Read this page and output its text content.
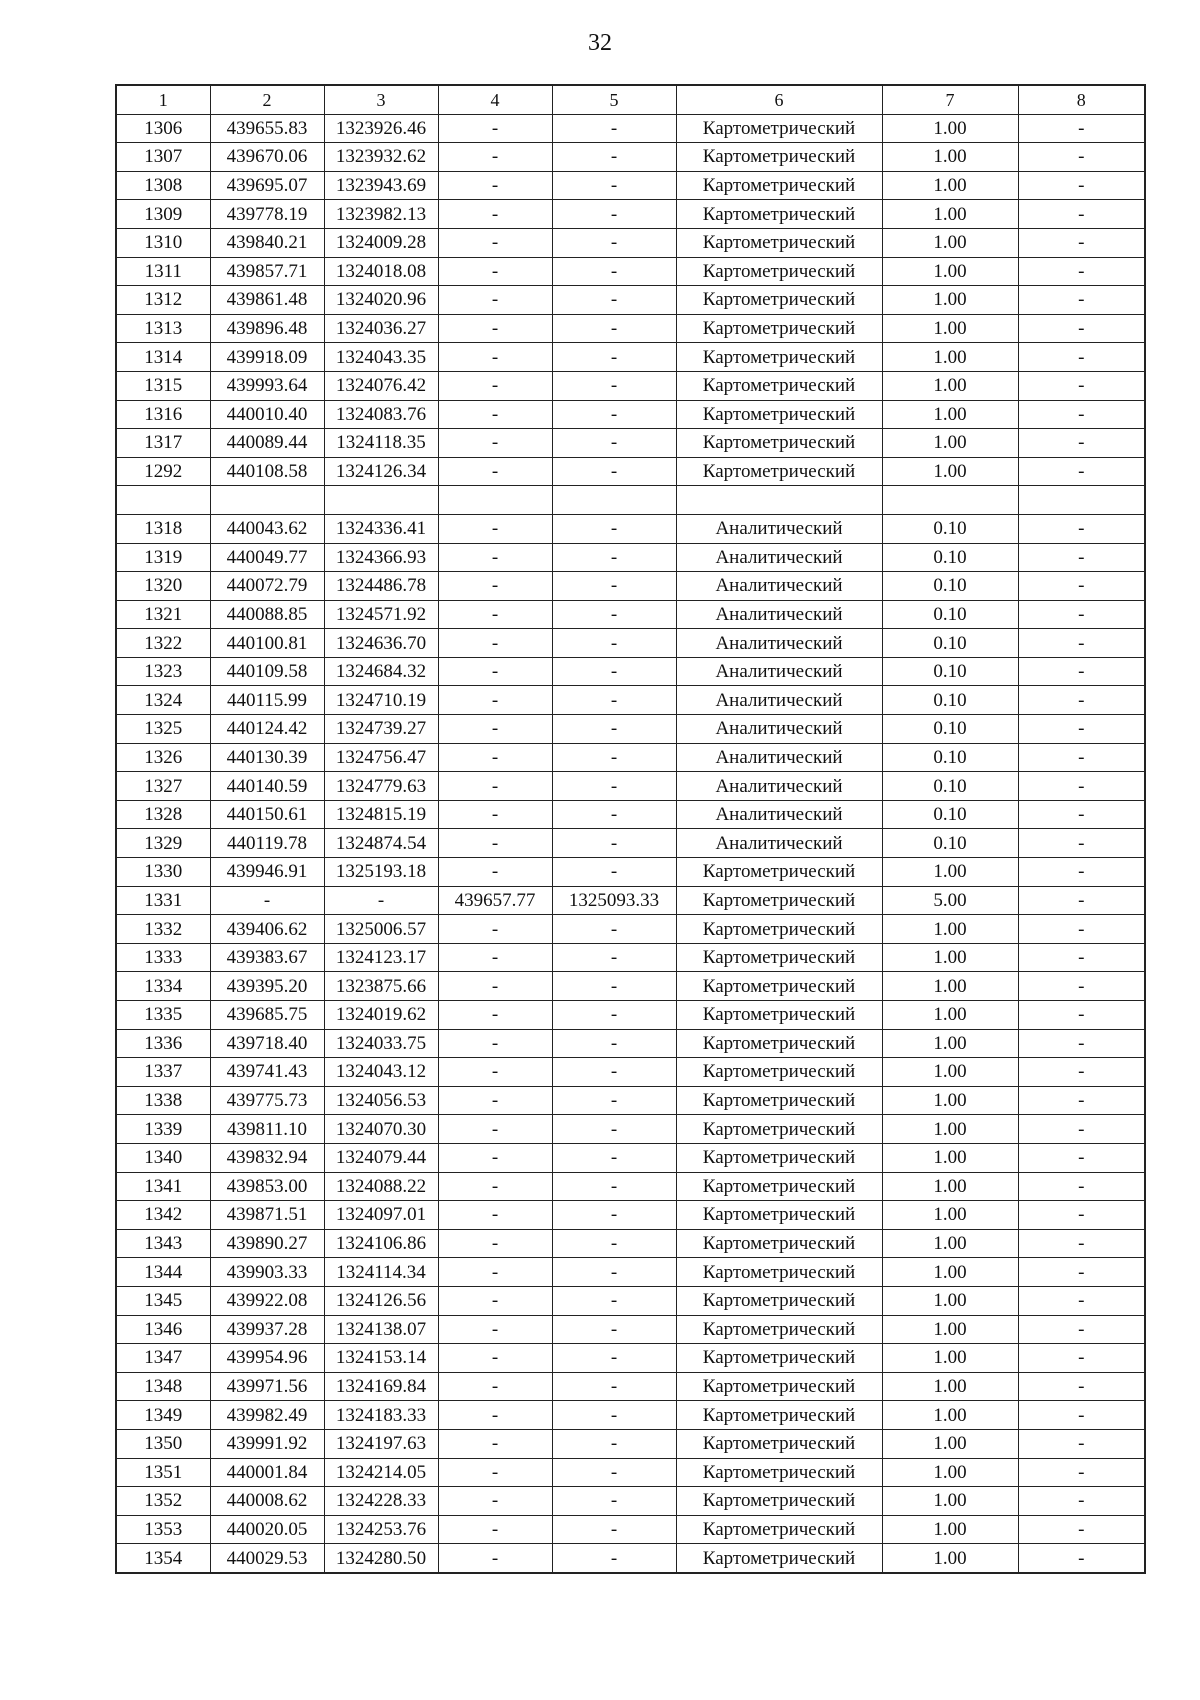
32
1	2	3	4	5	6	7	8
1306	439655.83	1323926.46	-	-	Картометрический	1.00	-
1307	439670.06	1323932.62	-	-	Картометрический	1.00	-
1308	439695.07	1323943.69	-	-	Картометрический	1.00	-
1309	439778.19	1323982.13	-	-	Картометрический	1.00	-
1310	439840.21	1324009.28	-	-	Картометрический	1.00	-
1311	439857.71	1324018.08	-	-	Картометрический	1.00	-
1312	439861.48	1324020.96	-	-	Картометрический	1.00	-
1313	439896.48	1324036.27	-	-	Картометрический	1.00	-
1314	439918.09	1324043.35	-	-	Картометрический	1.00	-
1315	439993.64	1324076.42	-	-	Картометрический	1.00	-
1316	440010.40	1324083.76	-	-	Картометрический	1.00	-
1317	440089.44	1324118.35	-	-	Картометрический	1.00	-
1292	440108.58	1324126.34	-	-	Картометрический	1.00	-

1318	440043.62	1324336.41	-	-	Аналитический	0.10	-
1319	440049.77	1324366.93	-	-	Аналитический	0.10	-
1320	440072.79	1324486.78	-	-	Аналитический	0.10	-
1321	440088.85	1324571.92	-	-	Аналитический	0.10	-
1322	440100.81	1324636.70	-	-	Аналитический	0.10	-
1323	440109.58	1324684.32	-	-	Аналитический	0.10	-
1324	440115.99	1324710.19	-	-	Аналитический	0.10	-
1325	440124.42	1324739.27	-	-	Аналитический	0.10	-
1326	440130.39	1324756.47	-	-	Аналитический	0.10	-
1327	440140.59	1324779.63	-	-	Аналитический	0.10	-
1328	440150.61	1324815.19	-	-	Аналитический	0.10	-
1329	440119.78	1324874.54	-	-	Аналитический	0.10	-
1330	439946.91	1325193.18	-	-	Картометрический	1.00	-
1331	-	-	439657.77	1325093.33	Картометрический	5.00	-
1332	439406.62	1325006.57	-	-	Картометрический	1.00	-
1333	439383.67	1324123.17	-	-	Картометрический	1.00	-
1334	439395.20	1323875.66	-	-	Картометрический	1.00	-
1335	439685.75	1324019.62	-	-	Картометрический	1.00	-
1336	439718.40	1324033.75	-	-	Картометрический	1.00	-
1337	439741.43	1324043.12	-	-	Картометрический	1.00	-
1338	439775.73	1324056.53	-	-	Картометрический	1.00	-
1339	439811.10	1324070.30	-	-	Картометрический	1.00	-
1340	439832.94	1324079.44	-	-	Картометрический	1.00	-
1341	439853.00	1324088.22	-	-	Картометрический	1.00	-
1342	439871.51	1324097.01	-	-	Картометрический	1.00	-
1343	439890.27	1324106.86	-	-	Картометрический	1.00	-
1344	439903.33	1324114.34	-	-	Картометрический	1.00	-
1345	439922.08	1324126.56	-	-	Картометрический	1.00	-
1346	439937.28	1324138.07	-	-	Картометрический	1.00	-
1347	439954.96	1324153.14	-	-	Картометрический	1.00	-
1348	439971.56	1324169.84	-	-	Картометрический	1.00	-
1349	439982.49	1324183.33	-	-	Картометрический	1.00	-
1350	439991.92	1324197.63	-	-	Картометрический	1.00	-
1351	440001.84	1324214.05	-	-	Картометрический	1.00	-
1352	440008.62	1324228.33	-	-	Картометрический	1.00	-
1353	440020.05	1324253.76	-	-	Картометрический	1.00	-
1354	440029.53	1324280.50	-	-	Картометрический	1.00	-
